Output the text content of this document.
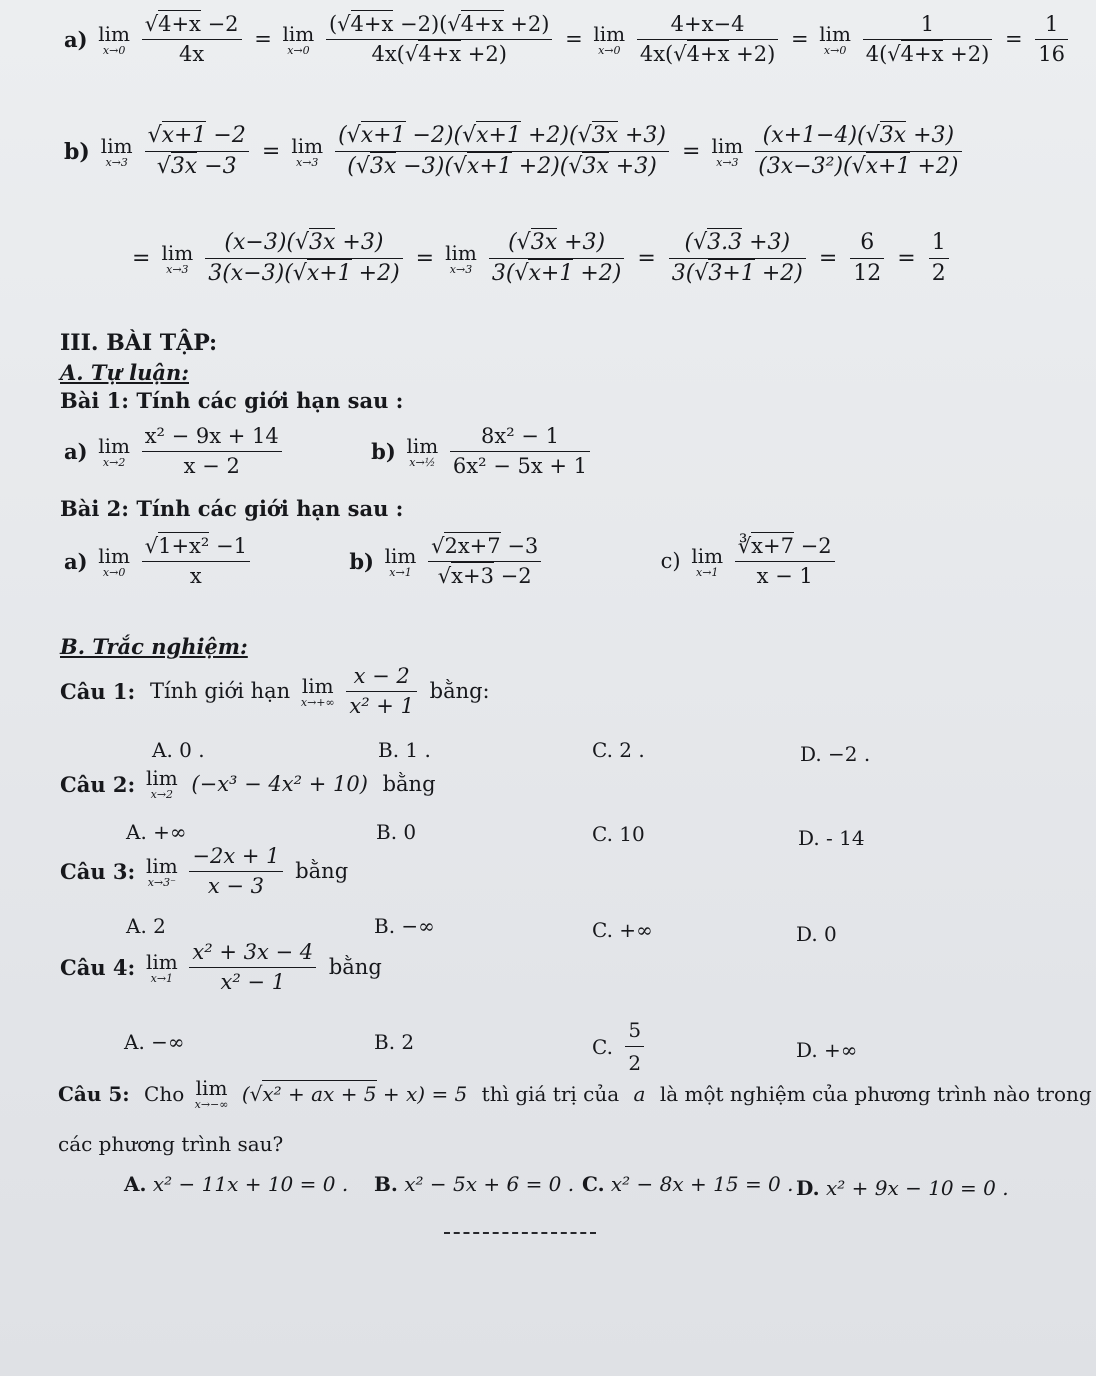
a) lim
x→0
$\frac{√4+x -2}{4x} = \lim$
x→0
$\frac{(√4+x -2)(√4+x +2)}{4x(√4+x +2)} = \lim$
x→0
$\frac{4+x-4}{4x(√4+x +2)} = \lim$
x→0
$\frac{1}{4(√4+x +2)} = \frac{1}{16}$
b) lim
x→3
$\frac{√x+1 -2}{√3x -3} = \lim$
x→3
$\frac{(√x+1 -2)(√x+1 +2)(√3x +3)}{(√3x -3)(√x+1 +2)(√3x +3)} = \lim$
x→3
$\frac{(x+1-4)(√3x +3)}{\text{(3x−3²)(√x+1 +2)}}$
= lim
x→3
$\frac{(x-3)(√3x +3)}{3(x-3)(√x+1 +2)} = \lim$
x→3
$\frac{(√3x +3)}{3(√x+1 +2)} = \frac{(√3.3 +3)}{3(√3+1 +2)} = \frac{6}{12} = \frac{1}{2}$
III. BÀI TẬP:
A. Tự luận:
Bài 1: Tính các giới hạn sau :
a) lim
x→2
$\frac{\text{x² − 9x + 14}}{x - 2}$	b) lim
x→½
$\frac{\text{8x² − 1}}{\text{6x² − 5x + 1}}$
Bài 2: Tính các giới hạn sau :
a) lim
x→0
$\frac{\text{√1+x² −1}}{x}$	b) lim
x→1
$\frac{√2x+7 -3}{√x+3 -2}$	c) lim
x→1
$\frac{∛x+7 -2}{x - 1}$
B. Trắc nghiệm:
Câu 1: Tính giới hạn lim
x→+∞
$\frac{x - 2}{\text{x² + 1}}$ bằng:
A. 0 .	B. 1 .	C. 2 .	D. −2 .
Câu 2: lim
x→2 (−x³ − 4x² + 10) bằng
A. +∞	B. 0	C. 10	D. - 14
Câu 3: lim
x→3⁻
$\frac{-2x + 1}{x - 3}$ bằng
A. 2	B. −∞	C. +∞	D. 0
Câu 4: lim
x→1
$\frac{\text{x² + 3x − 4}}{\text{x² − 1}}$ bằng
A. −∞	B. 2	C. $\frac{5}{2}$	D. +∞
Câu 5: Cho lim
x→−∞ (√x² + ax + 5 + x) = 5 thì giá trị của a là một nghiệm của phương trình nào trong
các phương trình sau?
A. x² − 11x + 10 = 0 . B. x² − 5x + 6 = 0 . C. x² − 8x + 15 = 0 . D. x² + 9x − 10 = 0 .
